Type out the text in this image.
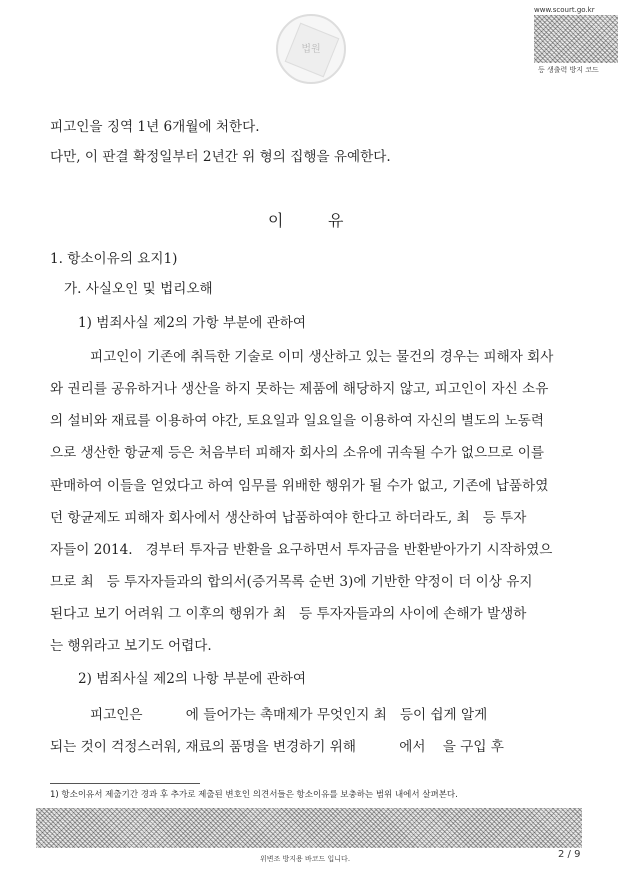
법원
www.scourt.go.kr
등 생출력 방지 코드
피고인을 징역 1년 6개월에 처한다.
다만, 이 판결 확정일부터 2년간 위 형의 집행을 유예한다.
이      유
1. 항소이유의 요지1)
가. 사실오인 및 법리오해
1) 범죄사실 제2의 가항 부분에 관하여
피고인이 기존에 취득한 기술로 이미 생산하고 있는 물건의 경우는 피해자 회사
와 권리를 공유하거나 생산을 하지 못하는 제품에 해당하지 않고, 피고인이 자신 소유
의 설비와 재료를 이용하여 야간, 토요일과 일요일을 이용하여 자신의 별도의 노동력
으로 생산한 항균제 등은 처음부터 피해자 회사의 소유에 귀속될 수가 없으므로 이를
판매하여 이들을 얻었다고 하여 임무를 위배한 행위가 될 수가 없고, 기존에 납품하였
던 항균제도 피해자 회사에서 생산하여 납품하여야 한다고 하더라도, 최   등 투자
자들이 2014.   경부터 투자금 반환을 요구하면서 투자금을 반환받아가기 시작하였으
므로 최   등 투자자들과의 합의서(증거목록 순번 3)에 기반한 약정이 더 이상 유지
된다고 보기 어려워 그 이후의 행위가 최   등 투자자들과의 사이에 손해가 발생하
는 행위라고 보기도 어렵다.
2) 범죄사실 제2의 나항 부분에 관하여
피고인은          에 들어가는 촉매제가 무엇인지 최   등이 쉽게 알게
되는 것이 걱정스러워, 재료의 품명을 변경하기 위해          에서    을 구입 후
1) 항소이유서 제출기간 경과 후 추가로 제출된 변호인 의견서들은 항소이유를 보충하는 범위 내에서 살펴본다.
위변조 방지용 바코드 입니다.	2 / 9
